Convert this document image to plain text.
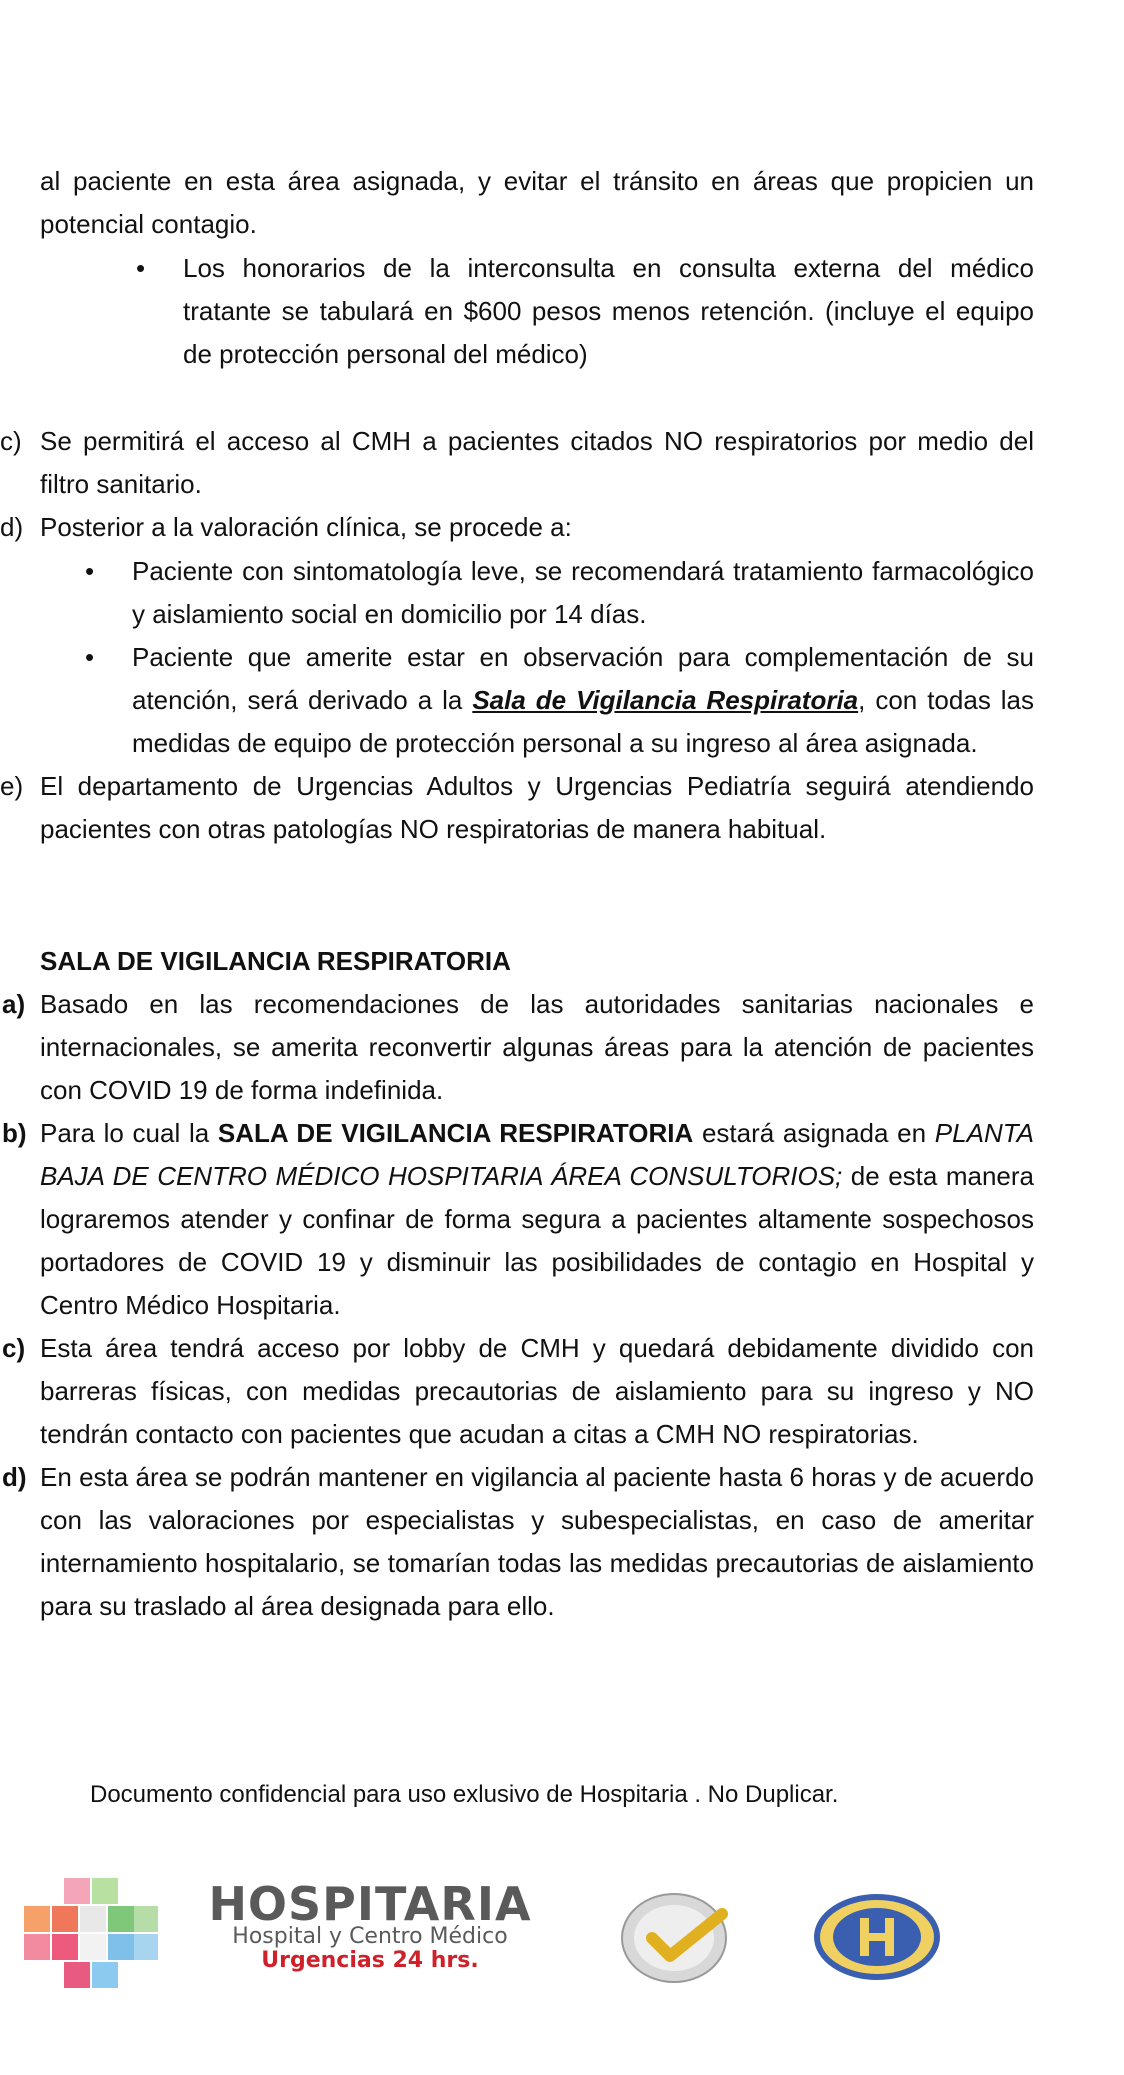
al paciente en esta área asignada, y evitar el tránsito en áreas que propicien un potencial contagio.

• Los honorarios de la interconsulta en consulta externa del médico tratante se tabulará en $600 pesos menos retención. (incluye el equipo de protección personal del médico)

c) Se permitirá el acceso al CMH a pacientes citados NO respiratorios por medio del filtro sanitario.
d) Posterior a la valoración clínica, se procede a:
• Paciente con sintomatología leve, se recomendará tratamiento farmacológico y aislamiento social en domicilio por 14 días.

• Paciente que amerite estar en observación para complementación de su atención, será derivado a la Sala de Vigilancia Respiratoria, con todas las medidas de equipo de protección personal a su ingreso al área asignada.

e) El departamento de Urgencias Adultos y Urgencias Pediatría seguirá atendiendo pacientes con otras patologías NO respiratorias de manera habitual.
SALA DE VIGILANCIA RESPIRATORIA
a) Basado en las recomendaciones de las autoridades sanitarias nacionales e internacionales, se amerita reconvertir algunas áreas para la atención de pacientes con COVID 19 de forma indefinida.
b) Para lo cual la SALA DE VIGILANCIA RESPIRATORIA estará asignada en PLANTA BAJA DE CENTRO MÉDICO HOSPITARIA ÁREA CONSULTORIOS; de esta manera lograremos atender y confinar de forma segura a pacientes altamente sospechosos portadores de COVID 19 y disminuir las posibilidades de contagio en Hospital y Centro Médico Hospitaria.
c) Esta área tendrá acceso por lobby de CMH y quedará debidamente dividido con barreras físicas, con medidas precautorias de aislamiento para su ingreso y NO tendrán contacto con pacientes que acudan a citas a CMH NO respiratorias.
d) En esta área se podrán mantener en vigilancia al paciente hasta 6 horas y de acuerdo con las valoraciones por especialistas y subespecialistas, en caso de ameritar internamiento hospitalario, se tomarían todas las medidas precautorias de aislamiento para su traslado al área designada para ello.
Documento confidencial para uso exlusivo de Hospitaria . No Duplicar.
HOSPITARIA
Hospital y Centro Médico
Urgencias 24 hrs.
